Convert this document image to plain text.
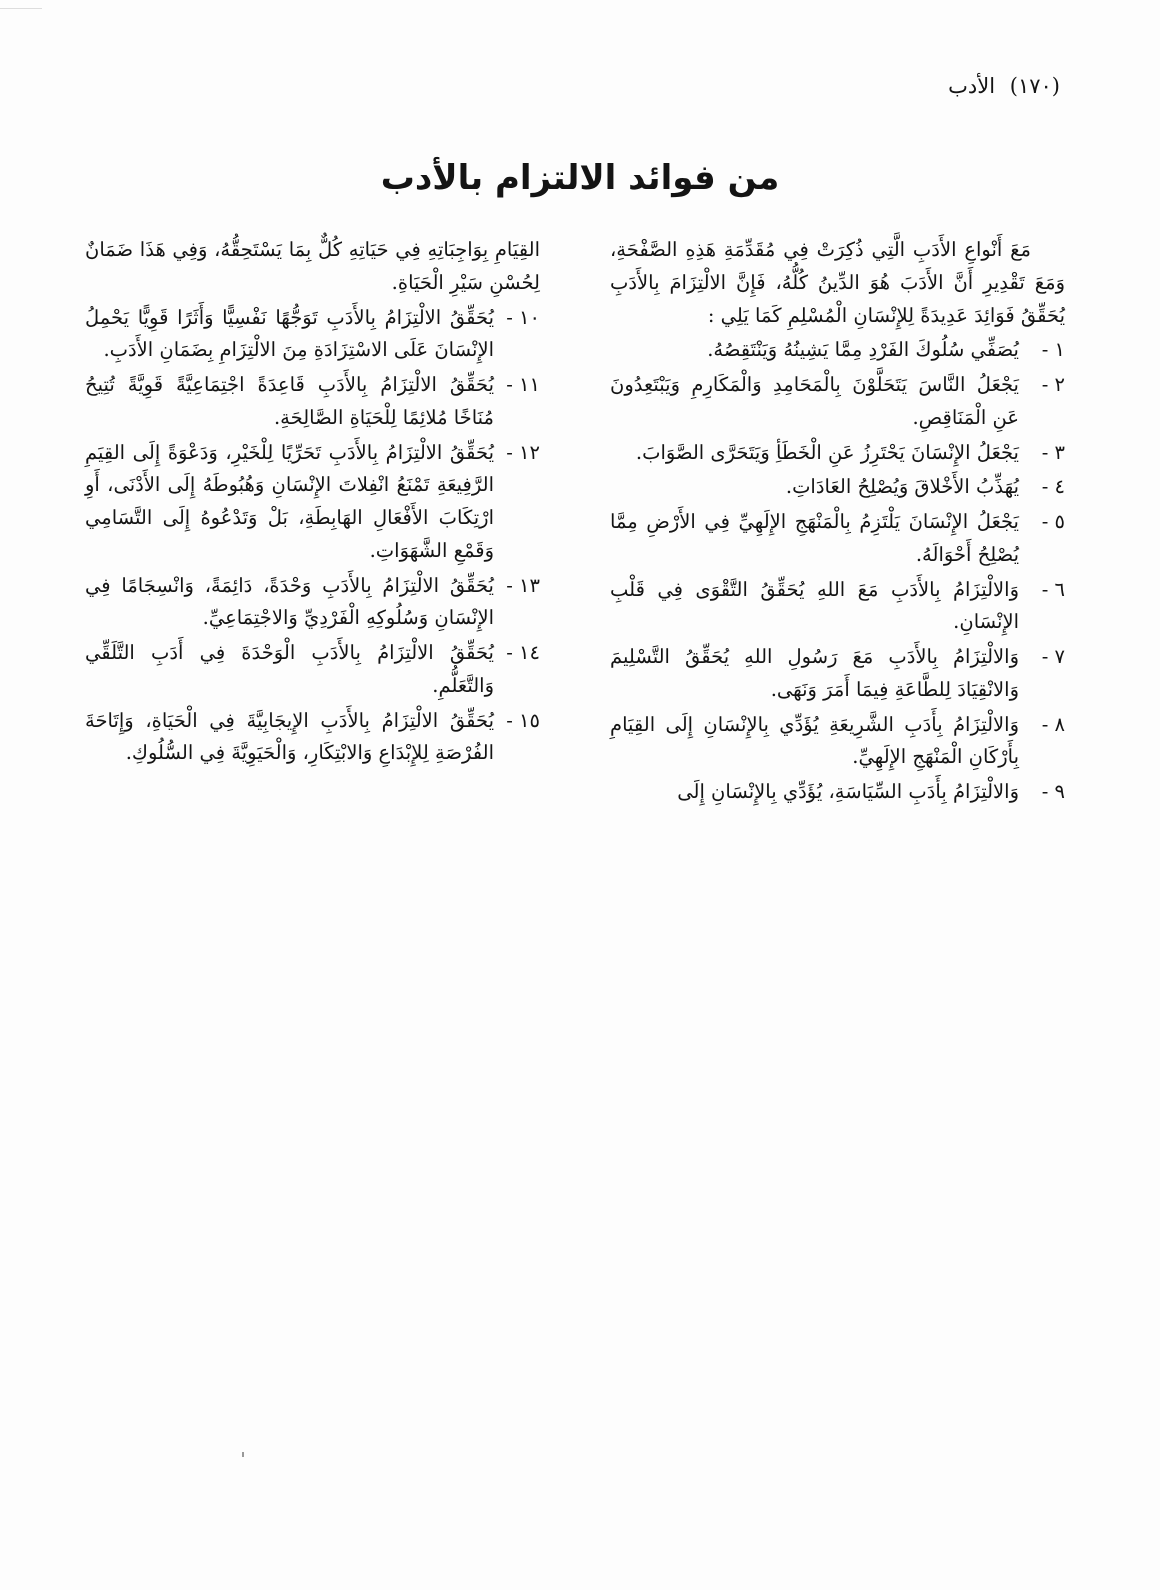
(١٧٠) الأدب
من فوائد الالتزام بالأدب

مَعَ أَنْواعِ الأَدَبِ الَّتِي ذُكِرَتْ فِي مُقَدِّمَةِ هَذِهِ الصَّفْحَةِ، وَمَعَ تَقْدِيرِ أَنَّ الأَدَبَ هُوَ الدِّينُ كُلُّهُ، فَإِنَّ الالْتِزَامَ بِالأَدَبِ يُحَقِّقُ فَوَائِدَ عَدِيدَةً لِلإِنْسَانِ الْمُسْلِمِ كَمَا يَلِي :

١ -
يُصَفِّي سُلُوكَ الفَرْدِ مِمَّا يَشِينُهُ وَيَنْتَقِصُهُ.
٢ -
يَجْعَلُ النَّاسَ يَتَحَلَّوْنَ بِالْمَحَامِدِ وَالْمَكَارِمِ وَيَبْتَعِدُونَ عَنِ الْمَنَاقِصِ.
٣ -
يَجْعَلُ الإِنْسَانَ يَحْتَرِزُ عَنِ الْخَطَأِ وَيَتَحَرَّى الصَّوَابَ.
٤ -
يُهَذِّبُ الأَخْلاقَ وَيُصْلِحُ العَادَاتِ.
٥ -
يَجْعَلُ الإِنْسَانَ يَلْتَزِمُ بِالْمَنْهَجِ الإِلَهِيِّ فِي الأَرْضِ مِمَّا يُصْلِحُ أَحْوَالَهُ.
٦ -
وَالالْتِزَامُ بِالأَدَبِ مَعَ اللهِ يُحَقِّقُ التَّقْوَى فِي قَلْبِ الإِنْسَانِ.
٧ -
وَالالْتِزَامُ بِالأَدَبِ مَعَ رَسُولِ اللهِ يُحَقِّقُ التَّسْلِيمَ وَالانْقِيَادَ لِلطَّاعَةِ فِيمَا أَمَرَ وَنَهَى.
٨ -
وَالالْتِزَامُ بِأَدَبِ الشَّرِيعَةِ يُؤَدِّي بِالإِنْسَانِ إِلَى القِيَامِ بِأَرْكَانِ الْمَنْهَجِ الإِلَهِيِّ.
٩ -
وَالالْتِزَامُ بِأَدَبِ السِّيَاسَةِ، يُؤَدِّي بِالإِنْسَانِ إِلَى

القِيَامِ بِوَاجِبَاتِهِ فِي حَيَاتِهِ كُلٌّ بِمَا يَسْتَحِقُّهُ، وَفِي هَذَا ضَمَانٌ لِحُسْنِ سَيْرِ الْحَيَاةِ.

١٠ -
يُحَقِّقُ الالْتِزَامُ بِالأَدَبِ تَوَجُّهًا نَفْسِيًّا وَأَثَرًا قَوِيًّا يَحْمِلُ الإِنْسَانَ عَلَى الاسْتِزَادَةِ مِنَ الالْتِزَامِ بِضَمَانِ الأَدَبِ.
١١ -
يُحَقِّقُ الالْتِزَامُ بِالأَدَبِ قَاعِدَةً اجْتِمَاعِيَّةً قَوِيَّةً تُتِيحُ مُنَاخًا مُلائِمًا لِلْحَيَاةِ الصَّالِحَةِ.
١٢ -
يُحَقِّقُ الالْتِزَامُ بِالأَدَبِ تَحَرِّيًا لِلْخَيْرِ، وَدَعْوَةً إِلَى القِيَمِ الرَّفِيعَةِ تَمْنَعُ انْفِلاتَ الإِنْسَانِ وَهُبُوطَهُ إِلَى الأَدْنَى، أَوِ ارْتِكَابَ الأَفْعَالِ الهَابِطَةِ، بَلْ وَتَدْعُوهُ إِلَى التَّسَامِي وَقَمْعِ الشَّهَوَاتِ.
١٣ -
يُحَقِّقُ الالْتِزَامُ بِالأَدَبِ وَحْدَةً، دَائِمَةً، وَانْسِجَامًا فِي الإِنْسَانِ وَسُلُوكِهِ الْفَرْدِيِّ وَالاجْتِمَاعِيِّ.
١٤ -
يُحَقِّقُ الالْتِزَامُ بِالأَدَبِ الْوَحْدَةَ فِي أَدَبِ التَّلَقِّي وَالتَّعَلُّمِ.
١٥ -
يُحَقِّقُ الالْتِزَامُ بِالأَدَبِ الإِيجَابِيَّةَ فِي الْحَيَاةِ، وَإِتَاحَةَ الفُرْصَةِ لِلإِبْدَاعِ وَالابْتِكَارِ، وَالْحَيَوِيَّةَ فِي السُّلُوكِ.
